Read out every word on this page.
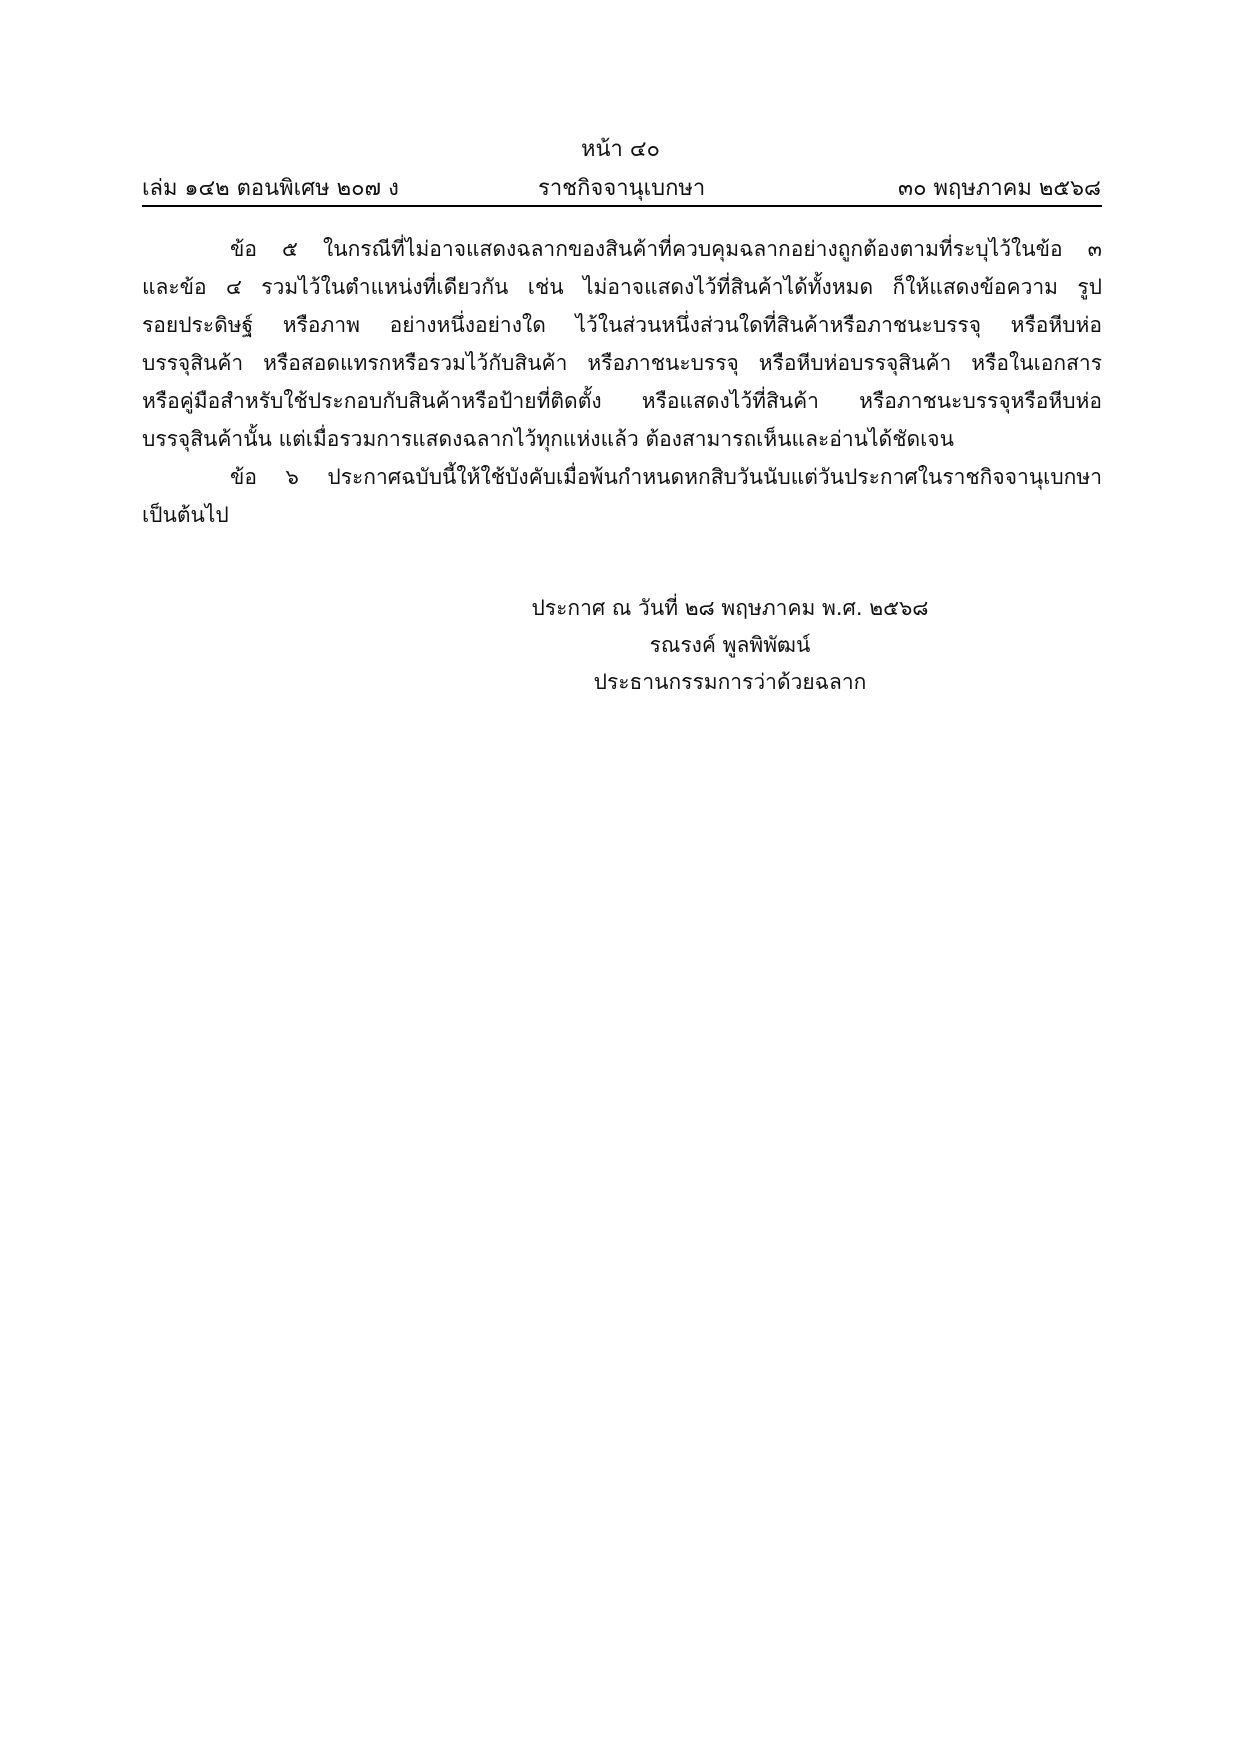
หน้า ๔๐
เล่ม ๑๔๒ ตอนพิเศษ ๒๐๗ ง	ราชกิจจานุเบกษา	๓๐ พฤษภาคม ๒๕๖๘
ข้อ ๕ ในกรณีที่ไม่อาจแสดงฉลากของสินค้าที่ควบคุมฉลากอย่างถูกต้องตามที่ระบุไว้ในข้อ ๓
และข้อ ๔ รวมไว้ในตำแหน่งที่เดียวกัน เช่น ไม่อาจแสดงไว้ที่สินค้าได้ทั้งหมด ก็ให้แสดงข้อความ รูป
รอยประดิษฐ์ หรือภาพ อย่างหนึ่งอย่างใด ไว้ในส่วนหนึ่งส่วนใดที่สินค้าหรือภาชนะบรรจุ หรือหีบห่อ
บรรจุสินค้า หรือสอดแทรกหรือรวมไว้กับสินค้า หรือภาชนะบรรจุ หรือหีบห่อบรรจุสินค้า หรือในเอกสาร
หรือคู่มือสำหรับใช้ประกอบกับสินค้าหรือป้ายที่ติดตั้ง หรือแสดงไว้ที่สินค้า หรือภาชนะบรรจุหรือหีบห่อ
บรรจุสินค้านั้น แต่เมื่อรวมการแสดงฉลากไว้ทุกแห่งแล้ว ต้องสามารถเห็นและอ่านได้ชัดเจน
ข้อ ๖ ประกาศฉบับนี้ให้ใช้บังคับเมื่อพ้นกำหนดหกสิบวันนับแต่วันประกาศในราชกิจจานุเบกษา
เป็นต้นไป
ประกาศ ณ วันที่ ๒๘ พฤษภาคม พ.ศ. ๒๕๖๘
รณรงค์ พูลพิพัฒน์
ประธานกรรมการว่าด้วยฉลาก
